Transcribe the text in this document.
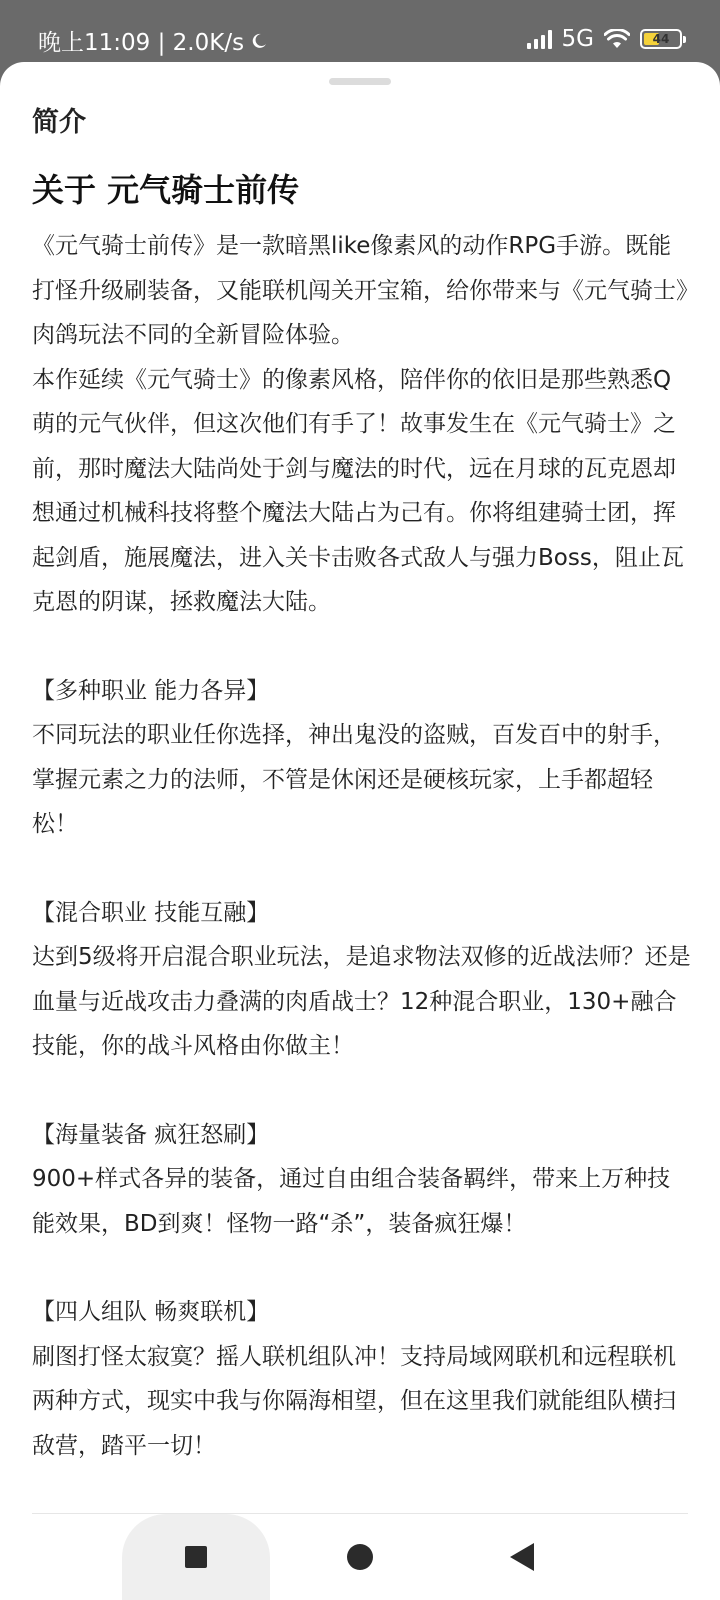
晚上11:09 | 2.0K/s	5G	44
简介
关于 元气骑士前传

《元气骑士前传》是一款暗黑like像素风的动作RPG手游。既能打怪升级刷装备，又能联机闯关开宝箱，给你带来与《元气骑士》肉鸽玩法不同的全新冒险体验。

本作延续《元气骑士》的像素风格，陪伴你的依旧是那些熟悉Q萌的元气伙伴，但这次他们有手了！故事发生在《元气骑士》之前，那时魔法大陆尚处于剑与魔法的时代，远在月球的瓦克恩却想通过机械科技将整个魔法大陆占为己有。你将组建骑士团，挥起剑盾，施展魔法，进入关卡击败各式敌人与强力Boss，阻止瓦克恩的阴谋，拯救魔法大陆。

【多种职业 能力各异】

不同玩法的职业任你选择，神出鬼没的盗贼，百发百中的射手，掌握元素之力的法师，不管是休闲还是硬核玩家，上手都超轻松！

【混合职业 技能互融】

达到5级将开启混合职业玩法，是追求物法双修的近战法师？还是血量与近战攻击力叠满的肉盾战士？12种混合职业，130+融合技能，你的战斗风格由你做主！

【海量装备 疯狂怒刷】

900+样式各异的装备，通过自由组合装备羁绊，带来上万种技能效果，BD到爽！怪物一路“杀”，装备疯狂爆！

【四人组队 畅爽联机】

刷图打怪太寂寞？摇人联机组队冲！支持局域网联机和远程联机两种方式，现实中我与你隔海相望，但在这里我们就能组队横扫敌营，踏平一切！
